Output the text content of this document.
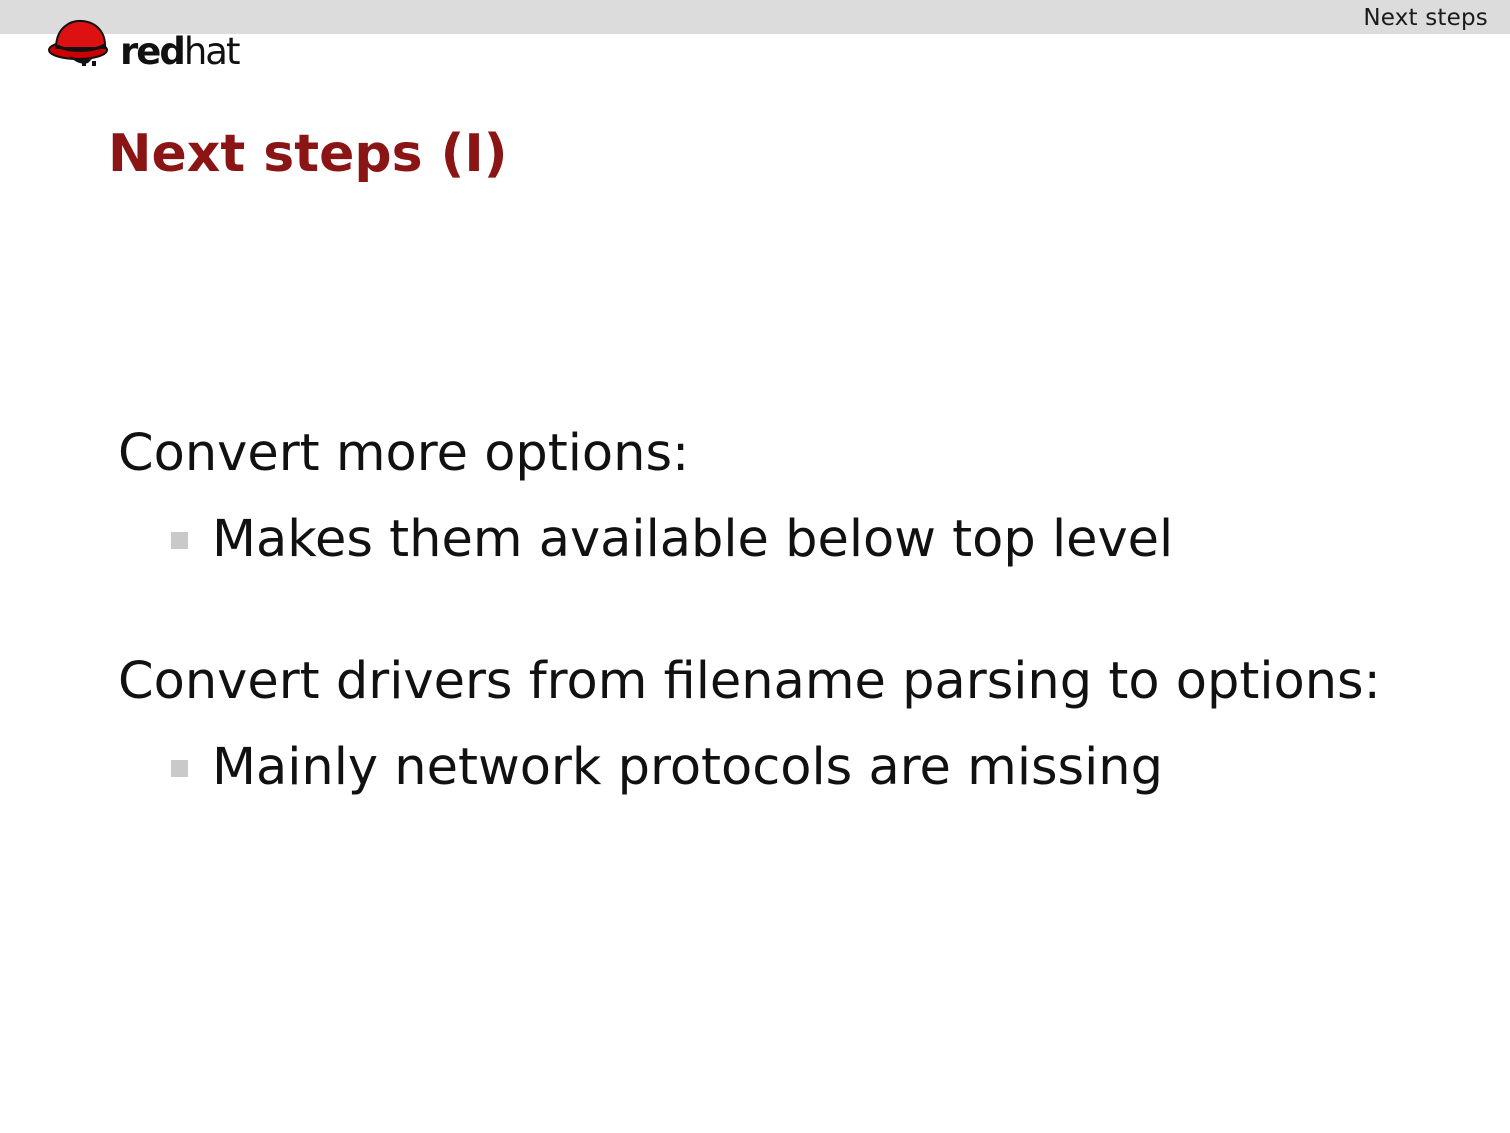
Next steps
redhat
Next steps (I)
Convert more options:
Makes them available below top level
Convert drivers from filename parsing to options:
Mainly network protocols are missing
